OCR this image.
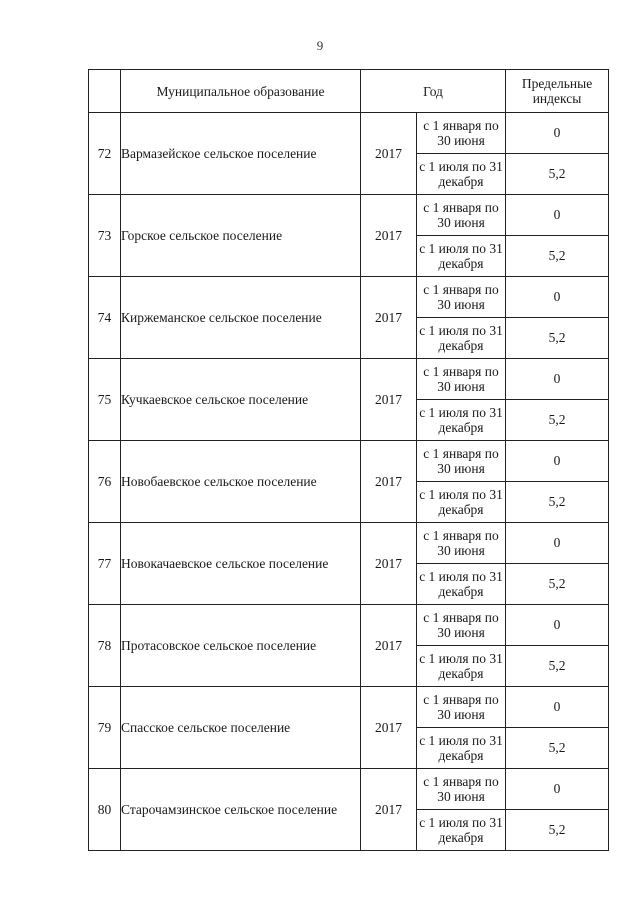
9
	Муниципальное образование	Год		Предельные индексы
72	Вармазейское сельское поселение	2017	с 1 января по 30 июня	0
			с 1 июля по 31 декабря	5,2
73	Горское сельское поселение	2017	с 1 января по 30 июня	0
			с 1 июля по 31 декабря	5,2
74	Киржеманское сельское поселение	2017	с 1 января по 30 июня	0
			с 1 июля по 31 декабря	5,2
75	Кучкаевское сельское поселение	2017	с 1 января по 30 июня	0
			с 1 июля по 31 декабря	5,2
76	Новобаевское сельское поселение	2017	с 1 января по 30 июня	0
			с 1 июля по 31 декабря	5,2
77	Новокачаевское сельское поселение	2017	с 1 января по 30 июня	0
			с 1 июля по 31 декабря	5,2
78	Протасовское сельское поселение	2017	с 1 января по 30 июня	0
			с 1 июля по 31 декабря	5,2
79	Спасское сельское поселение	2017	с 1 января по 30 июня	0
			с 1 июля по 31 декабря	5,2
80	Старочамзинское сельское поселение	2017	с 1 января по 30 июня	0
			с 1 июля по 31 декабря	5,2
